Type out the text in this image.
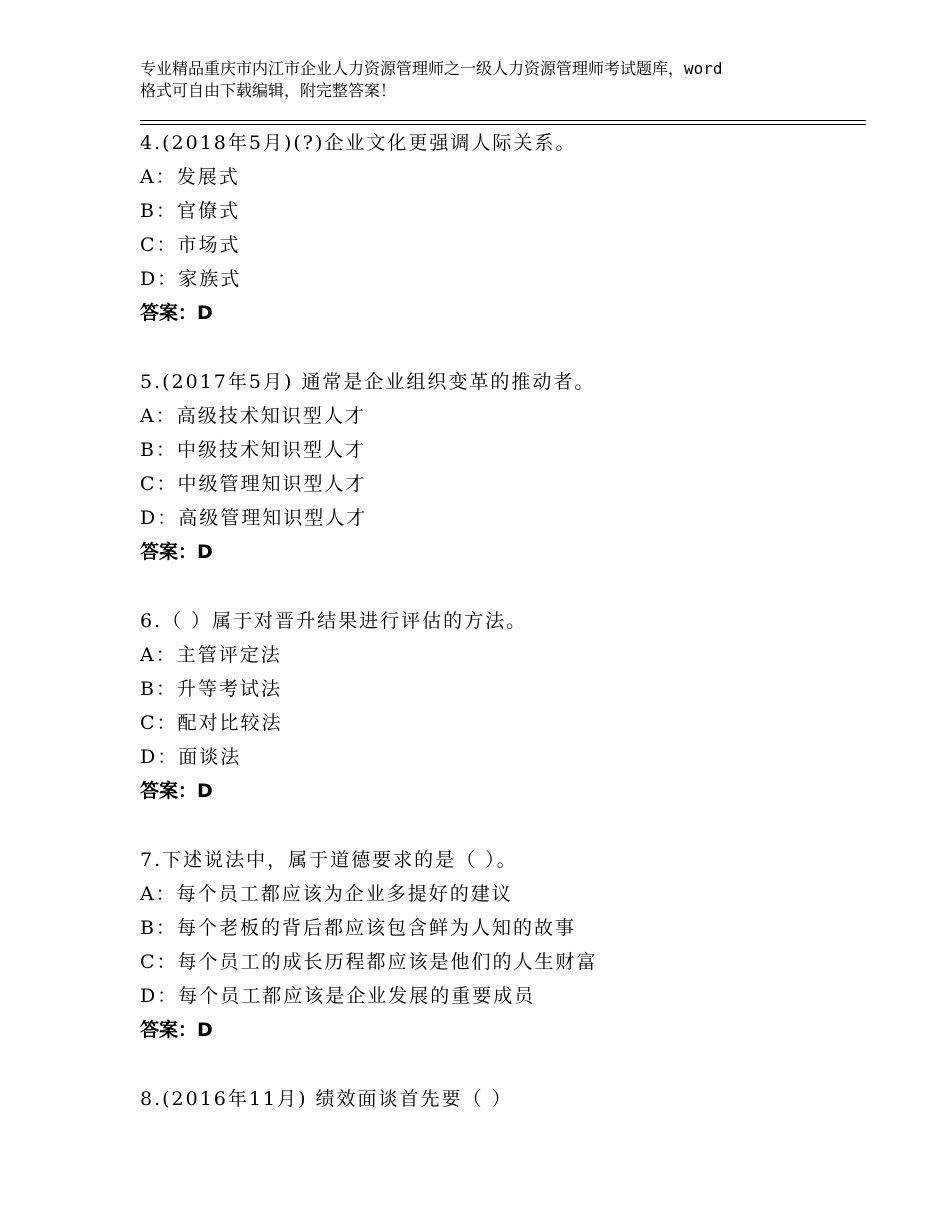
专业精品重庆市内江市企业人力资源管理师之一级人力资源管理师考试题库，word
格式可自由下载编辑，附完整答案！
4.(2018年5月)(?)企业文化更强调人际关系。
A：发展式
B：官僚式
C：市场式
D：家族式
答案：D
5.(2017年5月) 通常是企业组织变革的推动者。
A：高级技术知识型人才
B：中级技术知识型人才
C：中级管理知识型人才
D：高级管理知识型人才
答案：D
6.（ ）属于对晋升结果进行评估的方法。
A：主管评定法
B：升等考试法
C：配对比较法
D：面谈法
答案：D
7.下述说法中，属于道德要求的是（ ）。
A：每个员工都应该为企业多提好的建议
B：每个老板的背后都应该包含鲜为人知的故事
C：每个员工的成长历程都应该是他们的人生财富
D：每个员工都应该是企业发展的重要成员
答案：D
8.(2016年11月) 绩效面谈首先要（ ）
